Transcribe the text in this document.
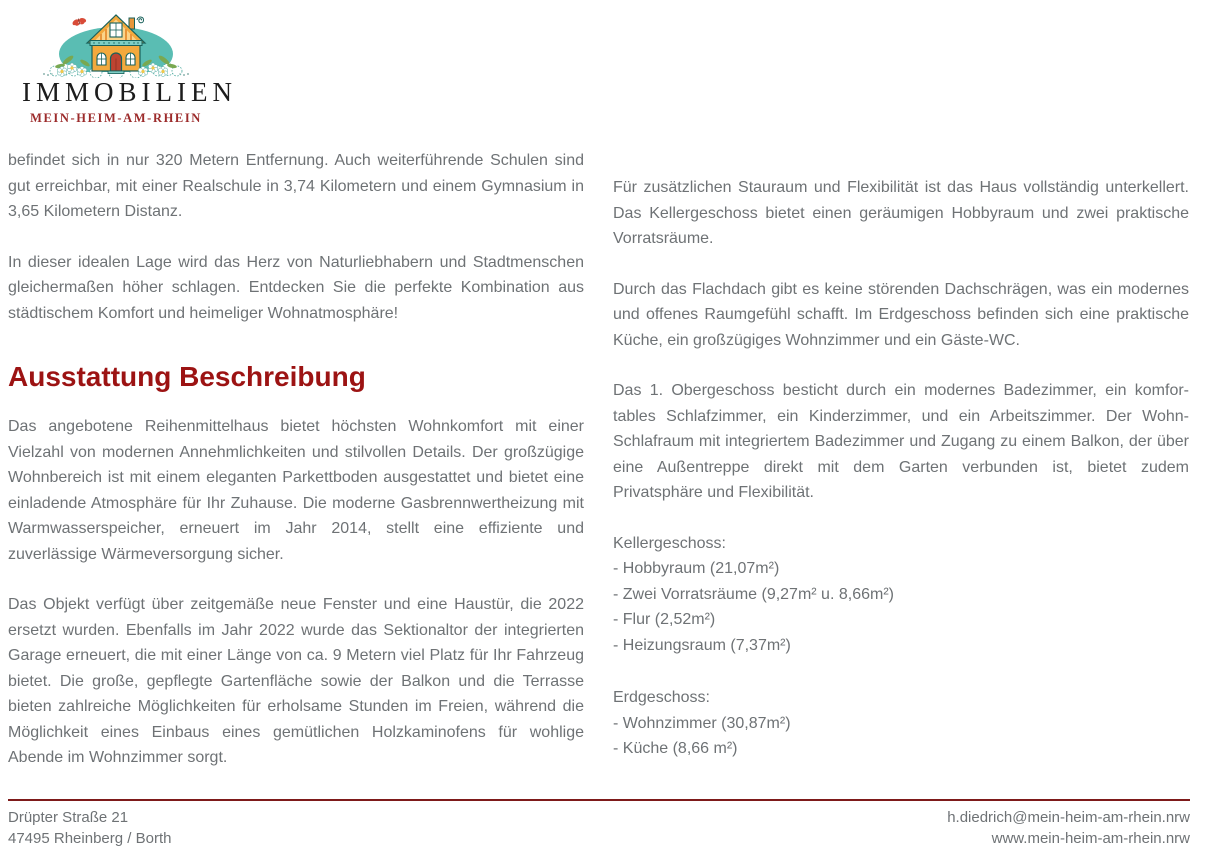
IMMOBILIEN
MEIN-HEIM-AM-RHEIN

befindet sich in nur 320 Metern Entfernung. Auch weiterführende Schulen sind gut erreichbar, mit einer Realschule in 3,74 Kilometern und einem Gymnasium in 3,65 Kilometern Distanz.

In dieser idealen Lage wird das Herz von Naturliebhabern und Stadtmenschen gleichermaßen höher schlagen. Entdecken Sie die perfekte Kombination aus städtischem Komfort und heimeliger Wohnatmosphäre!

Ausstattung Beschreibung

Das angebotene Reihenmittelhaus bietet höchsten Wohnkomfort mit einer Vielzahl von modernen Annehmlichkeiten und stilvollen Details. Der großzügige Wohnbereich ist mit einem eleganten Parkettboden ausgestattet und bietet eine einladende Atmosphäre für Ihr Zuhause. Die moderne Gasbrennwertheizung mit Warmwasserspeicher, erneuert im Jahr 2014, stellt eine effiziente und zuverlässige Wärmeversorgung sicher.

Das Objekt verfügt über zeitgemäße neue Fenster und eine Haustür, die 2022 ersetzt wurden. Ebenfalls im Jahr 2022 wurde das Sektionaltor der integrierten Garage erneuert, die mit einer Länge von ca. 9 Metern viel Platz für Ihr Fahrzeug bietet. Die große, gepflegte Gartenfläche sowie der Balkon und die Terrasse bieten zahlreiche Möglichkeiten für erholsame Stunden im Freien, während die Möglichkeit eines Einbaus eines gemütlichen Holzkaminofens für wohlige Abende im Wohnzimmer sorgt.

Für zusätzlichen Stauraum und Flexibilität ist das Haus vollständig unterkellert. Das Kellergeschoss bietet einen geräumigen Hobbyraum und zwei praktische Vorratsräume.

Durch das Flachdach gibt es keine störenden Dachschrägen, was ein modernes und offenes Raumgefühl schafft. Im Erdgeschoss befinden sich eine praktische Küche, ein großzügiges Wohnzimmer und ein Gäste-WC.

Das 1. Obergeschoss besticht durch ein modernes Badezimmer, ein komfortables Schlafzimmer, ein Kinderzimmer, und ein Arbeitszimmer. Der Wohn-Schlafraum mit integriertem Badezimmer und Zugang zu einem Balkon, der über eine Außentreppe direkt mit dem Garten verbunden ist, bietet zudem Privatsphäre und Flexibilität.

Kellergeschoss:
- Hobbyraum (21,07m²)
- Zwei Vorratsräume (9,27m² u. 8,66m²)
- Flur (2,52m²)
- Heizungsraum (7,37m²)
Erdgeschoss:
- Wohnzimmer (30,87m²)
- Küche (8,66 m²)
Drüpter Straße 21
47495 Rheinberg / Borth
h.diedrich@mein-heim-am-rhein.nrw
www.mein-heim-am-rhein.nrw
